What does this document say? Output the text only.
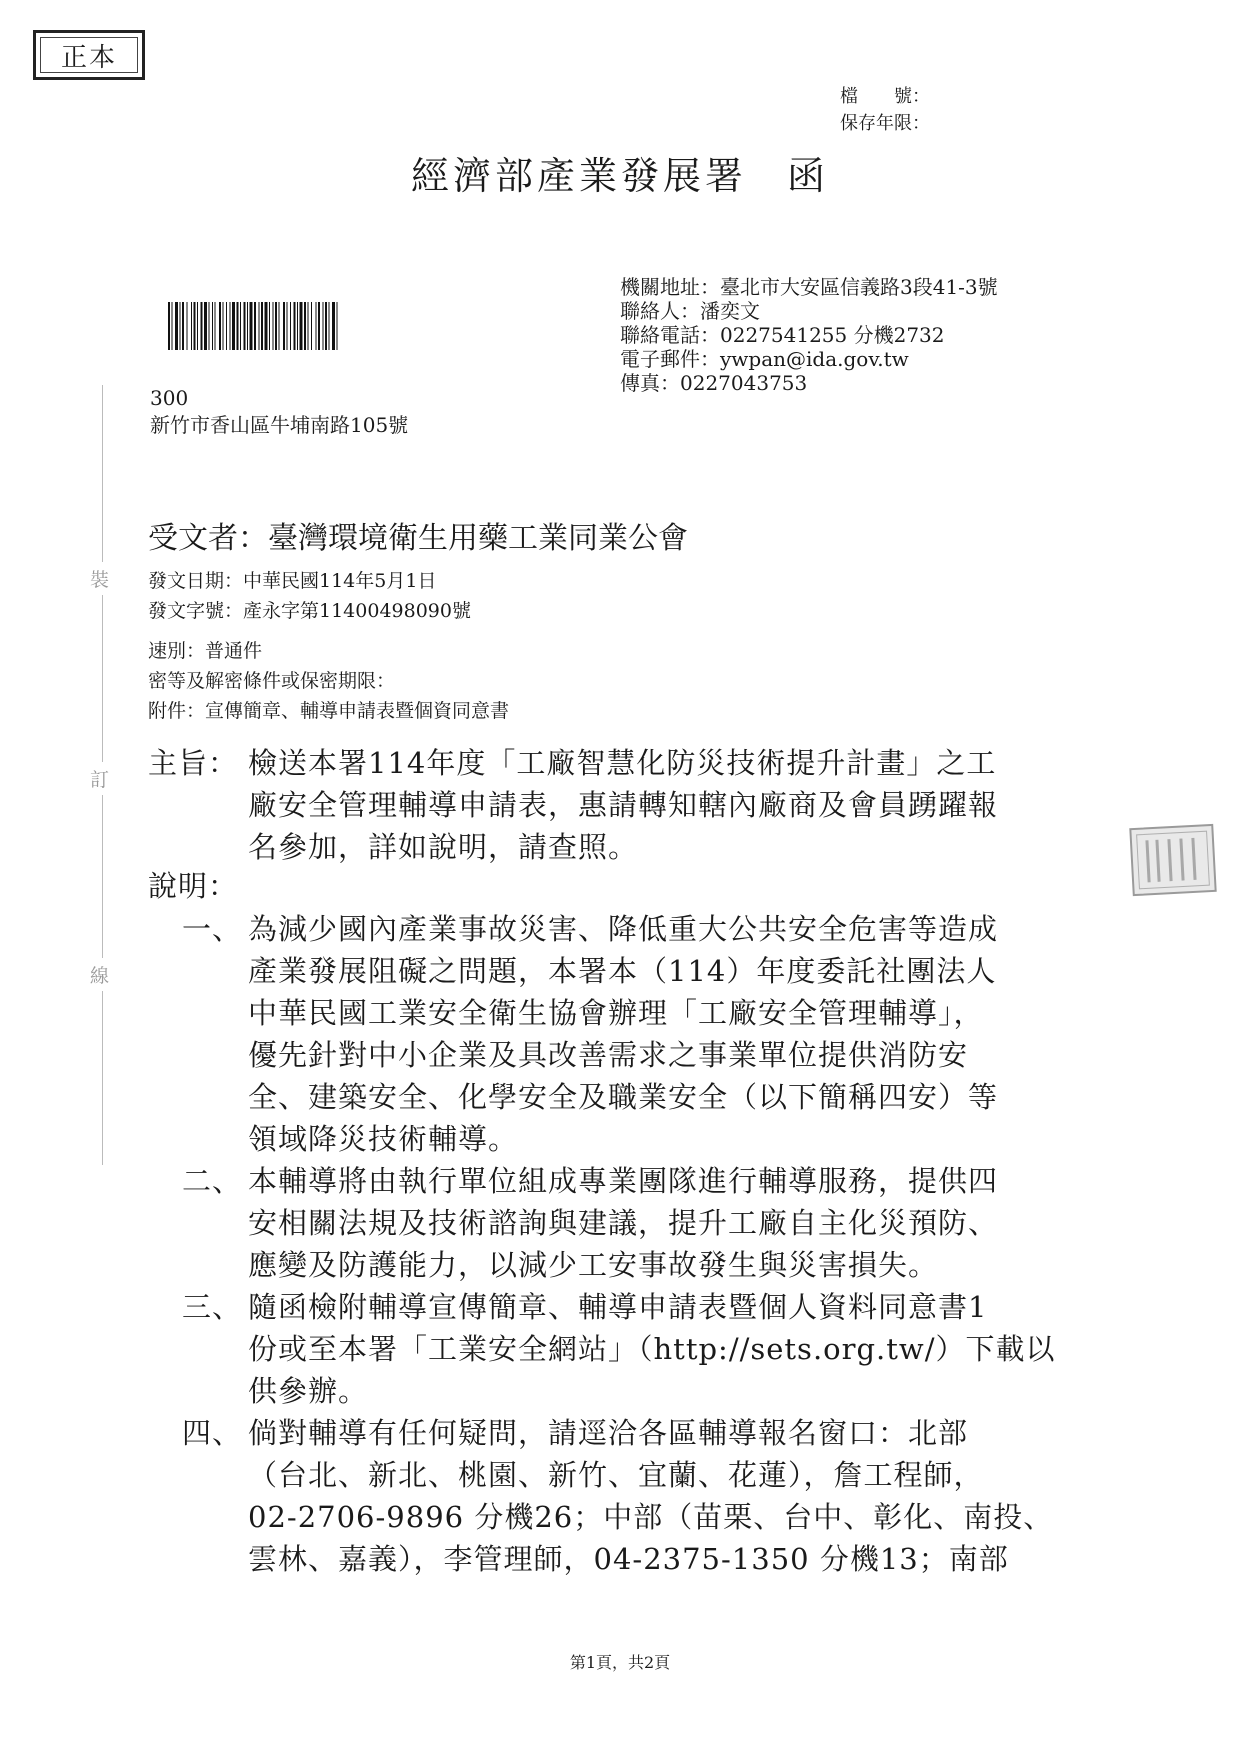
正本
檔　　號：
保存年限：
經濟部產業發展署 函
機關地址：臺北市大安區信義路3段41-3號
聯絡人：潘奕文
聯絡電話：0227541255 分機2732
電子郵件：ywpan@ida.gov.tw
傳真：0227043753
300
新竹市香山區牛埔南路105號
裝
訂
線
受文者：臺灣環境衛生用藥工業同業公會
發文日期：中華民國114年5月1日
發文字號：產永字第11400498090號
速別：普通件
密等及解密條件或保密期限：
附件：宣傳簡章、輔導申請表暨個資同意書
主旨： 檢送本署114年度「工廠智慧化防災技術提升計畫」之工
廠安全管理輔導申請表，惠請轉知轄內廠商及會員踴躍報
名參加，詳如說明，請查照。
說明：
一、 為減少國內產業事故災害、降低重大公共安全危害等造成
產業發展阻礙之問題，本署本（114）年度委託社團法人
中華民國工業安全衛生協會辦理「工廠安全管理輔導」，
優先針對中小企業及具改善需求之事業單位提供消防安
全、建築安全、化學安全及職業安全（以下簡稱四安）等
領域降災技術輔導。
二、 本輔導將由執行單位組成專業團隊進行輔導服務，提供四
安相關法規及技術諮詢與建議，提升工廠自主化災預防、
應變及防護能力，以減少工安事故發生與災害損失。
三、 隨函檢附輔導宣傳簡章、輔導申請表暨個人資料同意書1
份或至本署「工業安全網站」（http://sets.org.tw/）下載以
供參辦。
四、 倘對輔導有任何疑問，請逕洽各區輔導報名窗口：北部
（台北、新北、桃園、新竹、宜蘭、花蓮），詹工程師，
02-2706-9896 分機26；中部（苗栗、台中、彰化、南投、
雲林、嘉義），李管理師，04-2375-1350 分機13；南部
第1頁，共2頁
